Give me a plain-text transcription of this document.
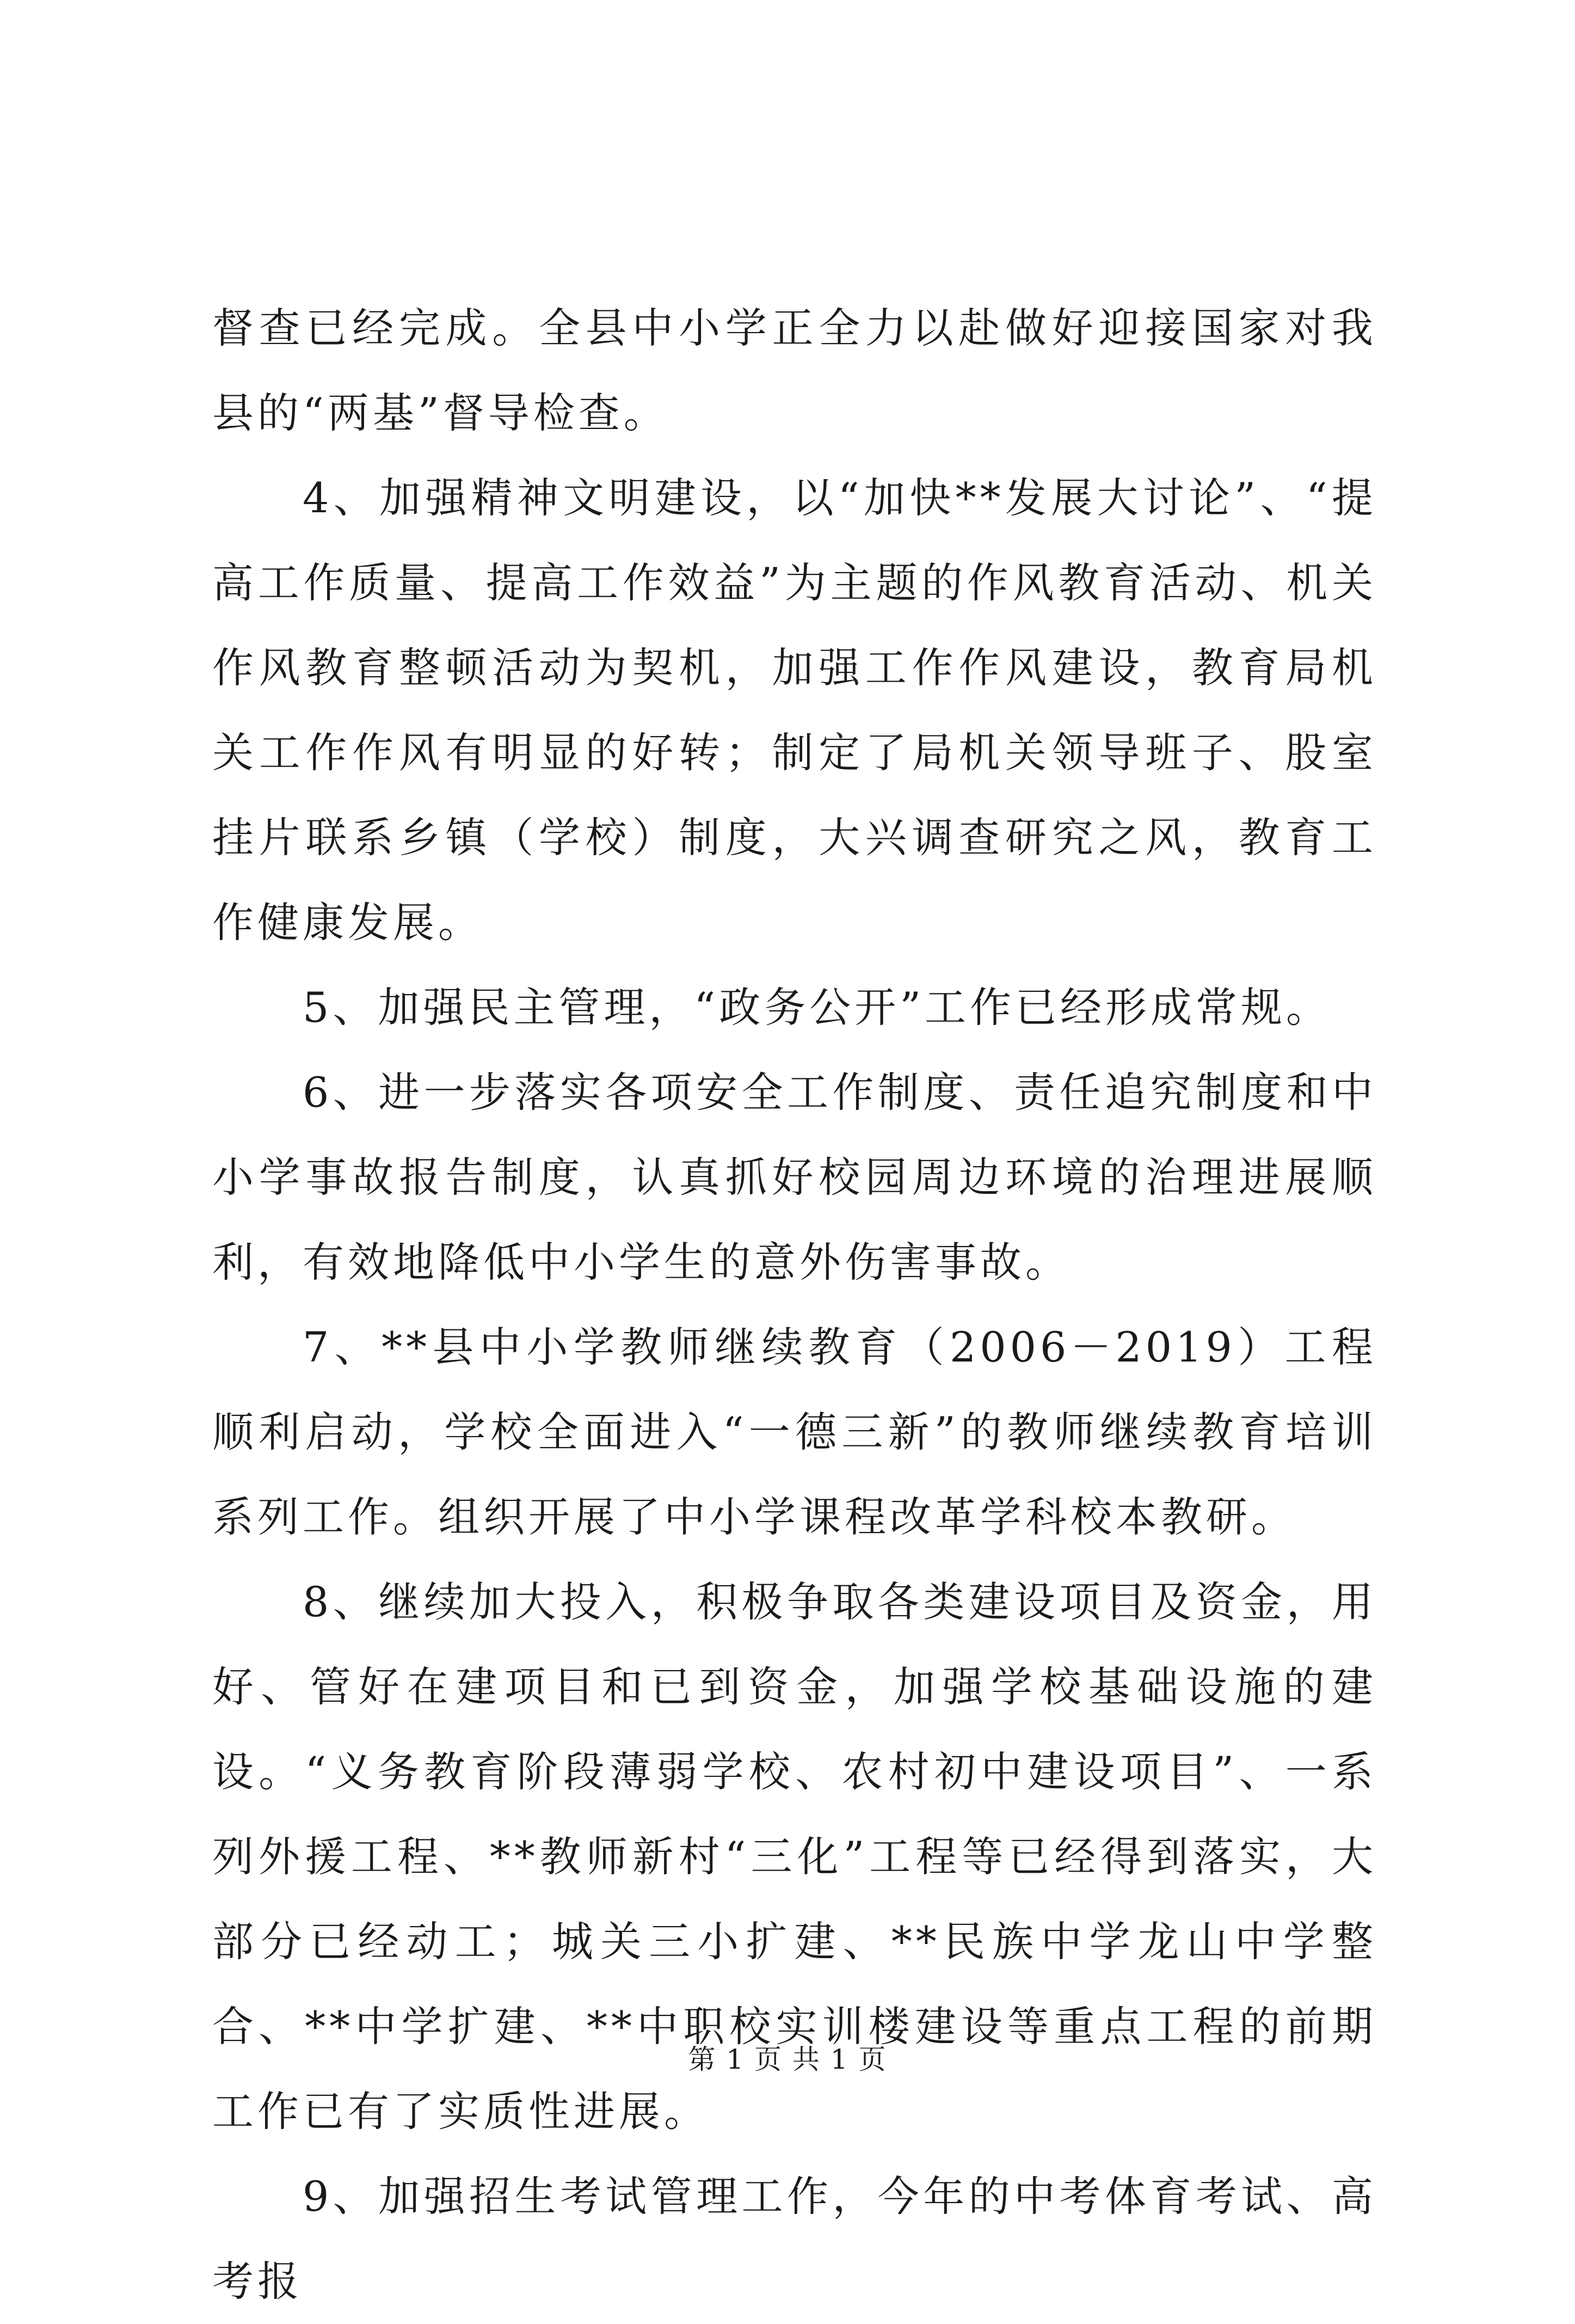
督查已经完成。全县中小学正全力以赴做好迎接国家对我县的“两基”督导检查。

4、加强精神文明建设，以“加快**发展大讨论”、“提高工作质量、提高工作效益”为主题的作风教育活动、机关作风教育整顿活动为契机，加强工作作风建设，教育局机关工作作风有明显的好转；制定了局机关领导班子、股室挂片联系乡镇（学校）制度，大兴调查研究之风，教育工作健康发展。

5、加强民主管理，“政务公开”工作已经形成常规。

6、进一步落实各项安全工作制度、责任追究制度和中小学事故报告制度，认真抓好校园周边环境的治理进展顺利，有效地降低中小学生的意外伤害事故。

7、**县中小学教师继续教育（2006－2019）工程顺利启动，学校全面进入“一德三新”的教师继续教育培训系列工作。组织开展了中小学课程改革学科校本教研。

8、继续加大投入，积极争取各类建设项目及资金，用好、管好在建项目和已到资金，加强学校基础设施的建设。“义务教育阶段薄弱学校、农村初中建设项目”、一系列外援工程、**教师新村“三化”工程等已经得到落实，大部分已经动工；城关三小扩建、**民族中学龙山中学整合、**中学扩建、**中职校实训楼建设等重点工程的前期工作已有了实质性进展。

9、加强招生考试管理工作，今年的中考体育考试、高考报

第 1 页 共 1 页
